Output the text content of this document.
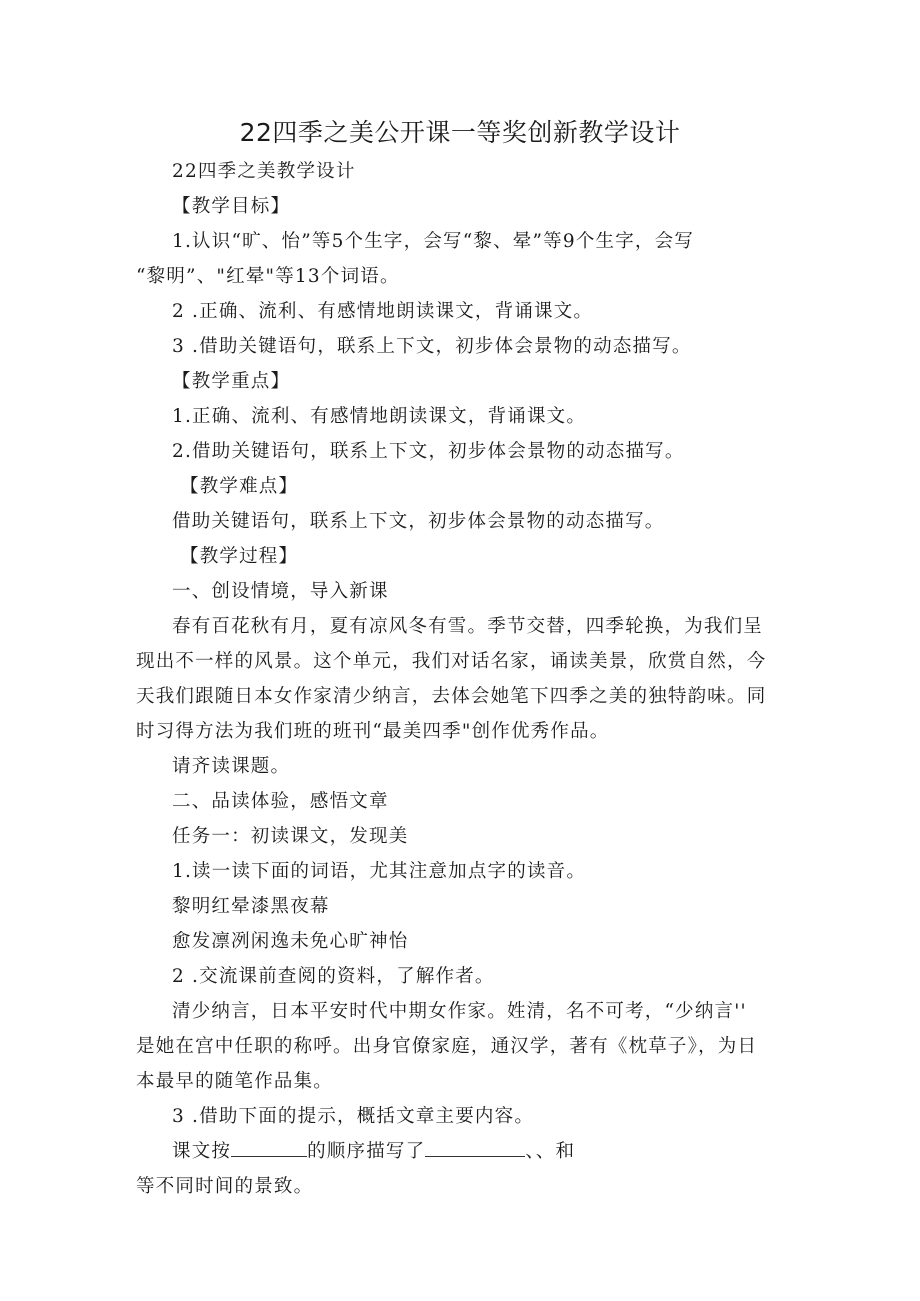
22四季之美公开课一等奖创新教学设计
22四季之美教学设计
【教学目标】
1.认识“旷、怡”等5个生字，会写“黎、晕”等9个生字，会写
“黎明”、"红晕"等13个词语。
2 .正确、流利、有感情地朗读课文，背诵课文。
3 .借助关键语句，联系上下文，初步体会景物的动态描写。
【教学重点】
1.正确、流利、有感情地朗读课文，背诵课文。
2.借助关键语句，联系上下文，初步体会景物的动态描写。
【教学难点】
借助关键语句，联系上下文，初步体会景物的动态描写。
【教学过程】
一、创设情境，导入新课
春有百花秋有月，夏有凉风冬有雪。季节交替，四季轮换，为我们呈
现出不一样的风景。这个单元，我们对话名家，诵读美景，欣赏自然，今
天我们跟随日本女作家清少纳言，去体会她笔下四季之美的独特韵味。同
时习得方法为我们班的班刊“最美四季"创作优秀作品。
请齐读课题。
二、品读体验，感悟文章
任务一：初读课文，发现美
1.读一读下面的词语，尤其注意加点字的读音。
黎明红晕漆黑夜幕
愈发凛冽闲逸未免心旷神怡
2 .交流课前查阅的资料，了解作者。
清少纳言，日本平安时代中期女作家。姓清，名不可考，“少纳言''
是她在宫中任职的称呼。出身官僚家庭，通汉学，著有《枕草子》，为日
本最早的随笔作品集。
3 .借助下面的提示，概括文章主要内容。
课文按	的顺序描写了	、、和
等不同时间的景致。
